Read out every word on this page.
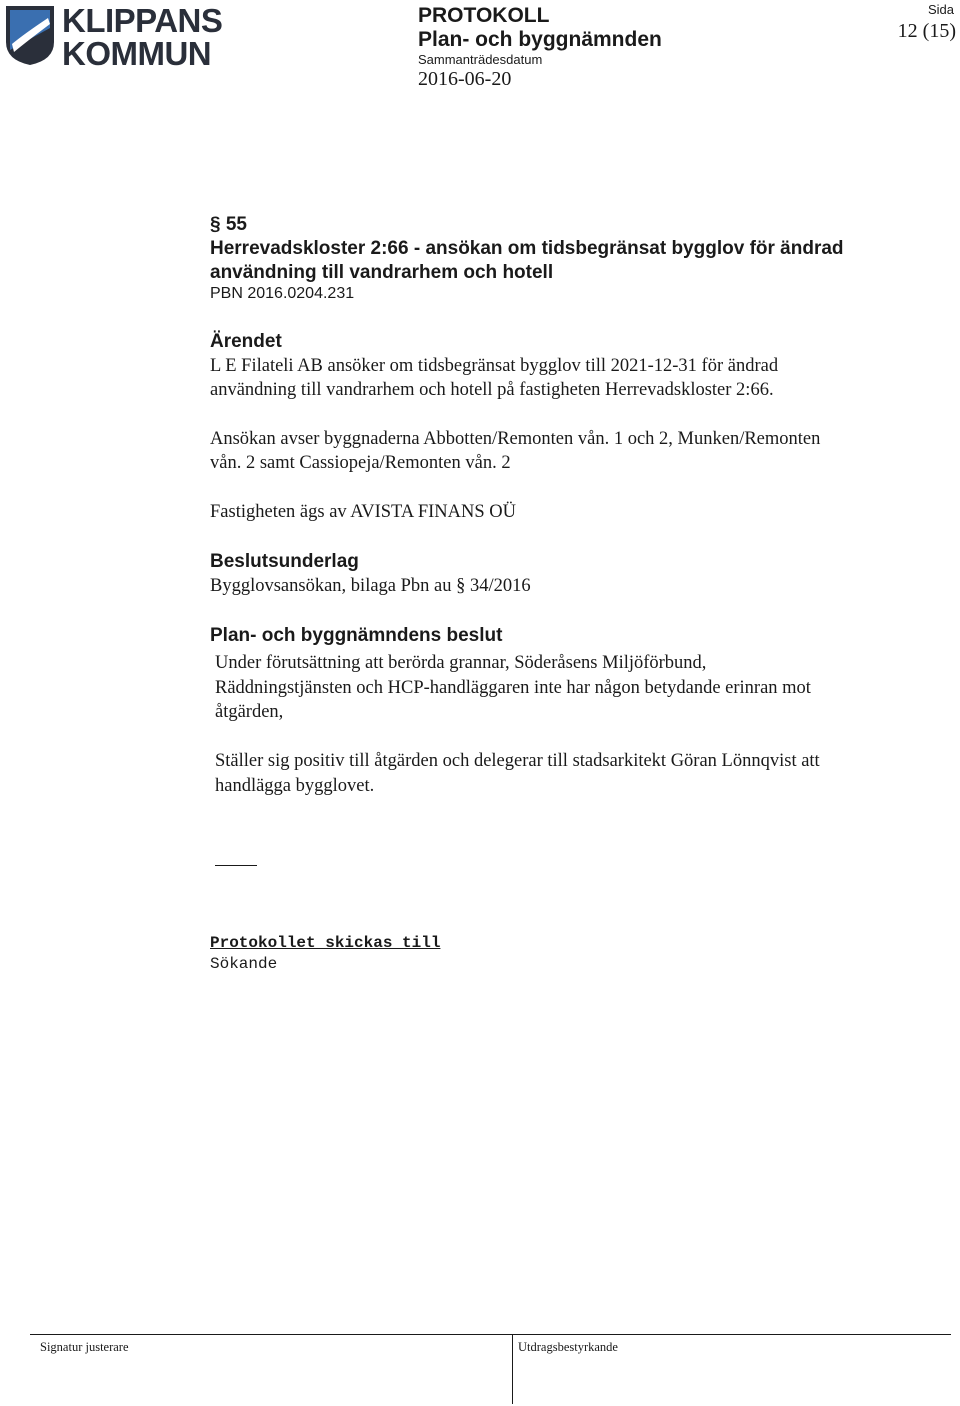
KLIPPANS
KOMMUN
PROTOKOLL
Plan- och byggnämnden
Sammanträdesdatum
2016-06-20
Sida
12 (15)
§ 55
Herrevadskloster 2:66 - ansökan om tidsbegränsat bygglov för ändrad
användning till vandrarhem och hotell
PBN 2016.0204.231
Ärendet
L E Filateli AB ansöker om tidsbegränsat bygglov till 2021-12-31 för ändrad
användning till vandrarhem och hotell på fastigheten Herrevadskloster 2:66.
Ansökan avser byggnaderna Abbotten/Remonten vån. 1 och 2, Munken/Remonten
vån. 2 samt Cassiopeja/Remonten vån. 2
Fastigheten ägs av AVISTA FINANS OÜ
Beslutsunderlag
Bygglovsansökan, bilaga Pbn au § 34/2016
Plan- och byggnämndens beslut
Under förutsättning att berörda grannar, Söderåsens Miljöförbund,
Räddningstjänsten och HCP-handläggaren inte har någon betydande erinran mot
åtgärden,
Ställer sig positiv till åtgärden och delegerar till stadsarkitekt Göran Lönnqvist att
handlägga bygglovet.
Protokollet skickas till
Sökande
Signatur justerare	Utdragsbestyrkande
